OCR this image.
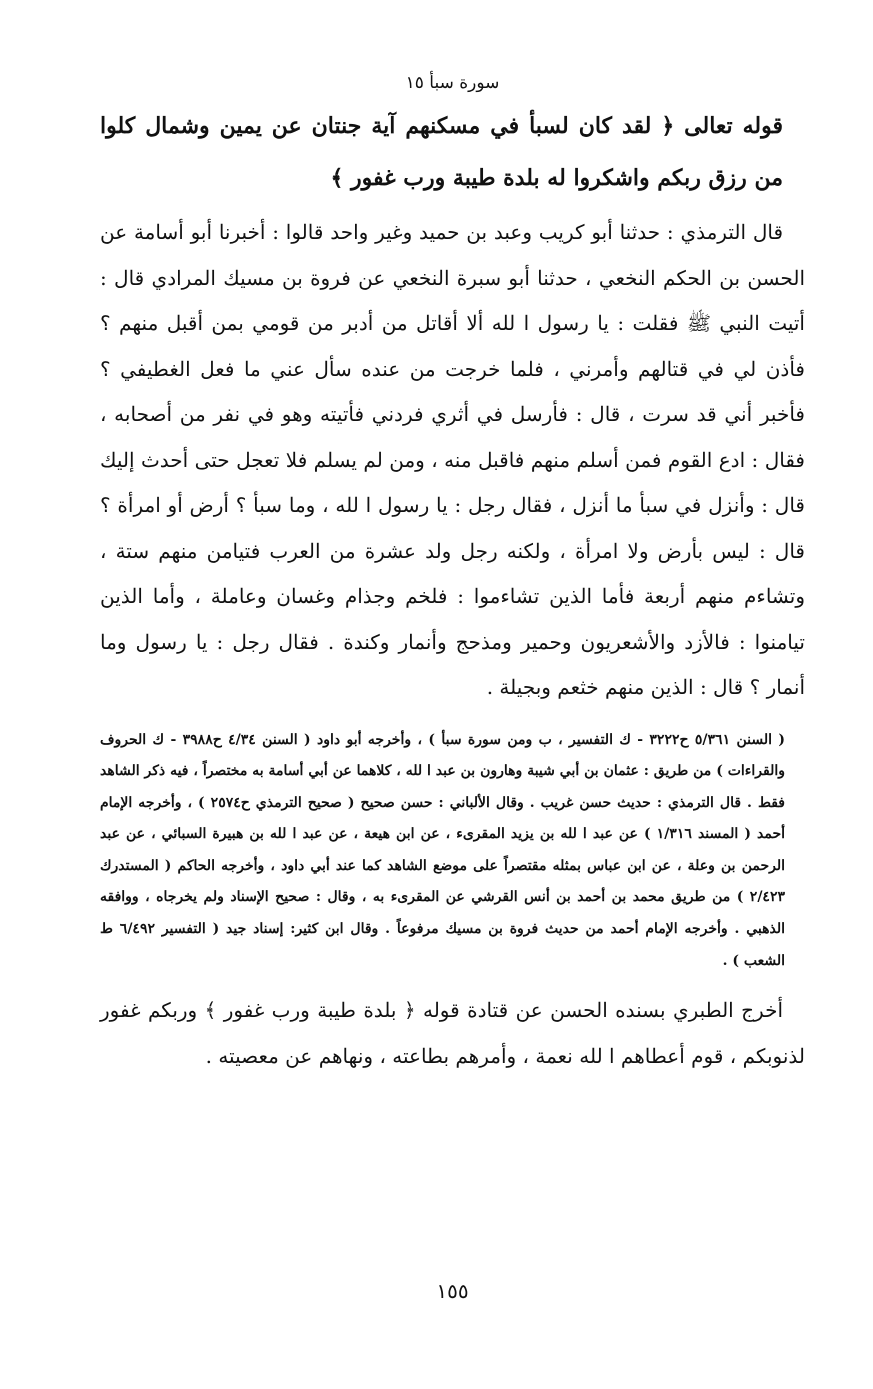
سورة سبأ ١٥

قوله تعالى ﴿ لقد كان لسبأ في مسكنهم آية جنتان عن يمين وشمال كلوا من رزق ربكم واشكروا له بلدة طيبة ورب غفور ﴾

قال الترمذي : حدثنا أبو كريب وعبد بن حميد وغير واحد قالوا : أخبرنا أبو أسامة عن الحسن بن الحكم النخعي ، حدثنا أبو سبرة النخعي عن فروة بن مسيك المرادي قال : أتيت النبي ﷺ فقلت : يا رسول ا لله ألا أقاتل من أدبر من قومي بمن أقبل منهم ؟ فأذن لي في قتالهم وأمرني ، فلما خرجت من عنده سأل عني ما فعل الغطيفي ؟ فأخبر أني قد سرت ، قال : فأرسل في أثري فردني فأتيته وهو في نفر من أصحابه ، فقال : ادع القوم فمن أسلم منهم فاقبل منه ، ومن لم يسلم فلا تعجل حتى أحدث إليك قال : وأنزل في سبأ ما أنزل ، فقال رجل : يا رسول ا لله ، وما سبأ ؟ أرض أو امرأة ؟ قال : ليس بأرض ولا امرأة ، ولكنه رجل ولد عشرة من العرب فتيامن منهم ستة ، وتشاءم منهم أربعة فأما الذين تشاءموا : فلخم وجذام وغسان وعاملة ، وأما الذين تيامنوا : فالأزد والأشعريون وحمير ومذحج وأنمار وكندة . فقال رجل : يا رسول وما أنمار ؟ قال : الذين منهم خثعم وبجيلة .

( السنن ٥/٣٦١ ح٣٢٢٢ - ك التفسير ، ب ومن سورة سبأ ) ، وأخرجه أبو داود ( السنن ٤/٣٤ ح٣٩٨٨ - ك الحروف والقراءات ) من طريق : عثمان بن أبي شيبة وهارون بن عبد ا لله ، كلاهما عن أبي أسامة به مختصراً ، فيه ذكر الشاهد فقط . قال الترمذي : حديث حسن غريب . وقال الألباني : حسن صحيح ( صحيح الترمذي ح٢٥٧٤ ) ، وأخرجه الإمام أحمد ( المسند ١/٣١٦ ) عن عبد ا لله بن يزيد المقرىء ، عن ابن هيعة ، عن عبد ا لله بن هبيرة السبائي ، عن عبد الرحمن بن وعلة ، عن ابن عباس بمثله مقتصراً على موضع الشاهد كما عند أبي داود ، وأخرجه الحاكم ( المستدرك ٢/٤٢٣ ) من طريق محمد بن أحمد بن أنس القرشي عن المقرىء به ، وقال : صحيح الإسناد ولم يخرجاه ، ووافقه الذهبي . وأخرجه الإمام أحمد من حديث فروة بن مسيك مرفوعاً . وقال ابن كثير: إسناد جيد ( التفسير ٦/٤٩٢ ط الشعب ) .

أخرج الطبري بسنده الحسن عن قتادة قوله ﴿ بلدة طيبة ورب غفور ﴾ وربكم غفور لذنوبكم ، قوم أعطاهم ا لله نعمة ، وأمرهم بطاعته ، ونهاهم عن معصيته .

١٥٥
